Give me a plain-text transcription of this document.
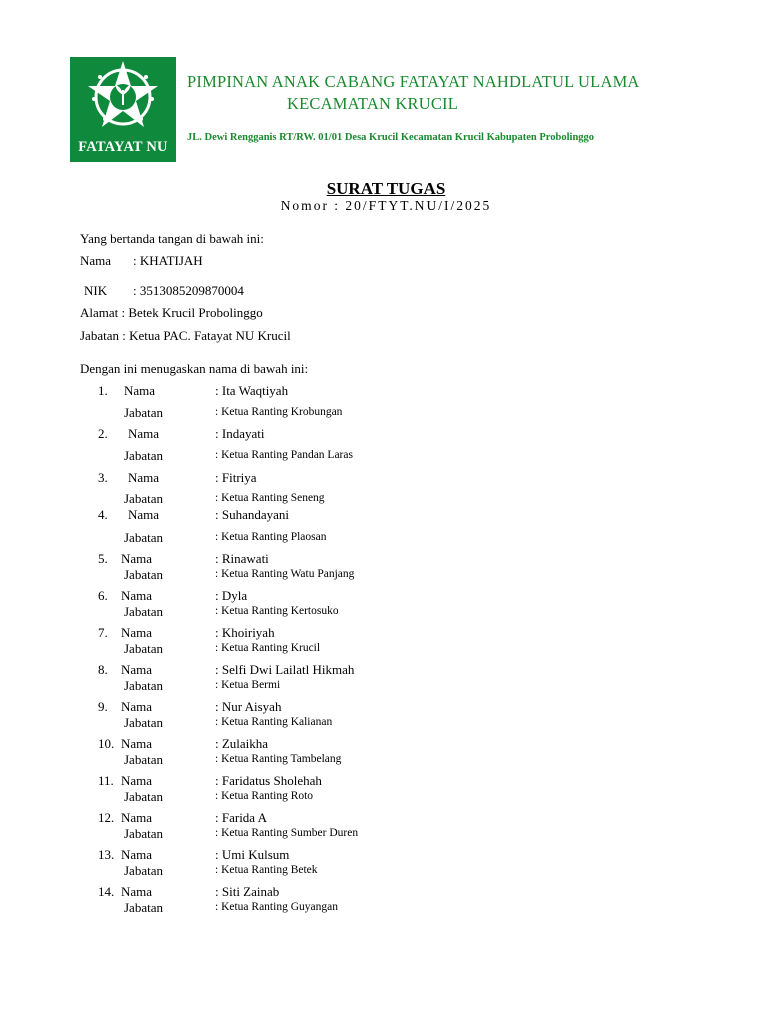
FATAYAT NU
PIMPINAN ANAK CABANG FATAYAT NAHDLATUL ULAMA
KECAMATAN KRUCIL
JL. Dewi Rengganis RT/RW. 01/01 Desa Krucil Kecamatan Krucil Kabupaten Probolinggo
SURAT TUGAS
Nomor : 20/FTYT.NU/I/2025
Yang bertanda tangan di bawah ini:
Nama : KHATIJAH
NIK : 3513085209870004
Alamat : Betek Krucil Probolinggo
Jabatan : Ketua PAC. Fatayat NU Krucil
Dengan ini menugaskan nama di bawah ini:
1. Nama	: Ita Waqtiyah
Jabatan	: Ketua Ranting Krobungan
2. Nama	: Indayati
Jabatan	: Ketua Ranting Pandan Laras
3. Nama	: Fitriya
Jabatan	: Ketua Ranting Seneng
4. Nama	: Suhandayani
Jabatan	: Ketua Ranting Plaosan
5. Nama	: Rinawati
Jabatan	: Ketua Ranting Watu Panjang
6. Nama	: Dyla
Jabatan	: Ketua Ranting Kertosuko
7. Nama	: Khoiriyah
Jabatan	: Ketua Ranting Krucil
8. Nama	: Selfi Dwi Lailatl Hikmah
Jabatan	: Ketua Bermi
9. Nama	: Nur Aisyah
Jabatan	: Ketua Ranting Kalianan
10. Nama	: Zulaikha
Jabatan	: Ketua Ranting Tambelang
11. Nama	: Faridatus Sholehah
Jabatan	: Ketua Ranting Roto
12. Nama	: Farida A
Jabatan	: Ketua Ranting Sumber Duren
13. Nama	: Umi Kulsum
Jabatan	: Ketua Ranting Betek
14. Nama	: Siti Zainab
Jabatan	: Ketua Ranting Guyangan
